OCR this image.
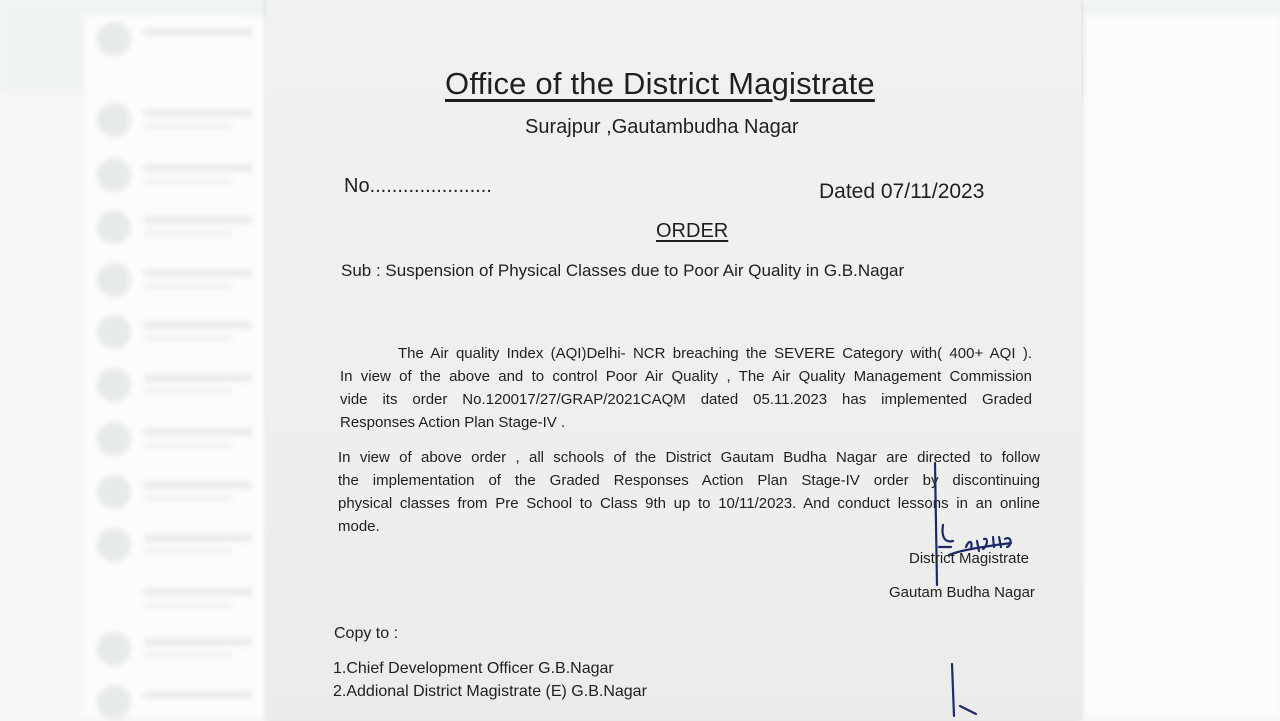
Office of the District Magistrate
Surajpur ,Gautambudha Nagar
No......................	Dated 07/11/2023
ORDER
Sub : Suspension of Physical Classes due to Poor Air Quality in G.B.Nagar
The Air quality Index (AQI)Delhi- NCR breaching the SEVERE Category with( 400+ AQI ).
In view of the above and to control Poor Air Quality , The Air Quality Management Commission
vide its order No.120017/27/GRAP/2021CAQM dated 05.11.2023 has implemented Graded
Responses Action Plan Stage-IV .
In view of above order , all schools of the District Gautam Budha Nagar are directed to follow
the implementation of the Graded Responses Action Plan Stage-IV order by discontinuing
physical classes from Pre School to Class 9th up to 10/11/2023. And conduct lessons in an online
mode.
District Magistrate
Gautam Budha Nagar
Copy to :
1.Chief Development Officer G.B.Nagar
2.Addional District Magistrate (E) G.B.Nagar
